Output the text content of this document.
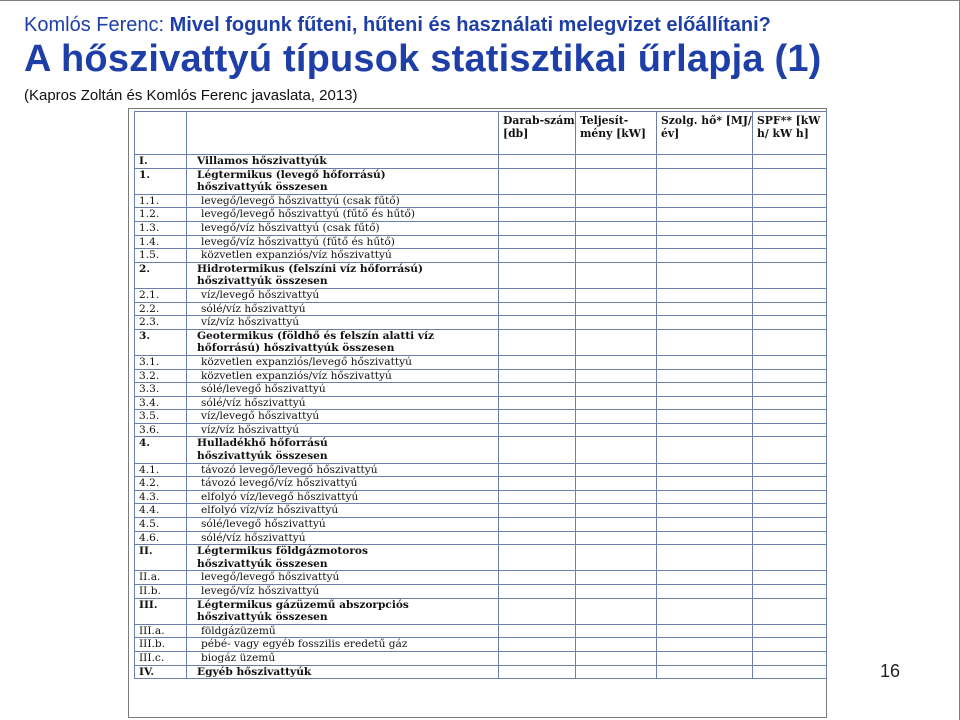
Komlós Ferenc: Mivel fogunk fűteni, hűteni és használati melegvizet előállítani?
A hőszivattyú típusok statisztikai űrlapja (1)
(Kapros Zoltán és Komlós Ferenc javaslata, 2013)
		Darab-szám [db]	Teljesít-mény [kW]	Szolg. hő* [MJ/év]	SPF** [kW h/ kW h]
I.	Villamos hőszivattyúk				
1.	Légtermikus (levegő hőforrású)				
	hőszivattyúk összesen				
1.1.	levegő/levegő hőszivattyú (csak fűtő)				
1.2.	levegő/levegő hőszivattyú (fűtő és hűtő)				
1.3.	levegő/víz hőszivattyú (csak fűtő)				
1.4.	levegő/víz hőszivattyú (fűtő és hűtő)				
1.5.	közvetlen expanziós/víz hőszivattyú				
2.	Hidrotermikus (felszíni víz hőforrású)				
	hőszivattyúk összesen				
2.1.	víz/levegő hőszivattyú				
2.2.	sólé/víz hőszivattyú				
2.3.	víz/víz hőszivattyú				
3.	Geotermikus (földhő és felszín alatti víz				
	hőforrású) hőszivattyúk összesen				
3.1.	közvetlen expanziós/levegő hőszivattyú				
3.2.	közvetlen expanziós/víz hőszivattyú				
3.3.	sólé/levegő hőszivattyú				
3.4.	sólé/víz hőszivattyú				
3.5.	víz/levegő hőszivattyú				
3.6.	víz/víz hőszivattyú				
4.	Hulladékhő hőforrású				
	hőszivattyúk összesen				
4.1.	távozó levegő/levegő hőszivattyú				
4.2.	távozó levegő/víz hőszivattyú				
4.3.	elfolyó víz/levegő hőszivattyú				
4.4.	elfolyó víz/víz hőszivattyú				
4.5.	sólé/levegő hőszivattyú				
4.6.	sólé/víz hőszivattyú				
II.	Légtermikus földgázmotoros				
	hőszivattyúk összesen				
II.a.	levegő/levegő hőszivattyú				
II.b.	levegő/víz hőszivattyú				
III.	Légtermikus gázüzemű abszorpciós				
	hőszivattyúk összesen				
III.a.	földgázüzemű				
III.b.	pébé- vagy egyéb fosszilis eredetű gáz				
III.c.	biogáz üzemű				
IV.	Egyéb hőszivattyúk					16
